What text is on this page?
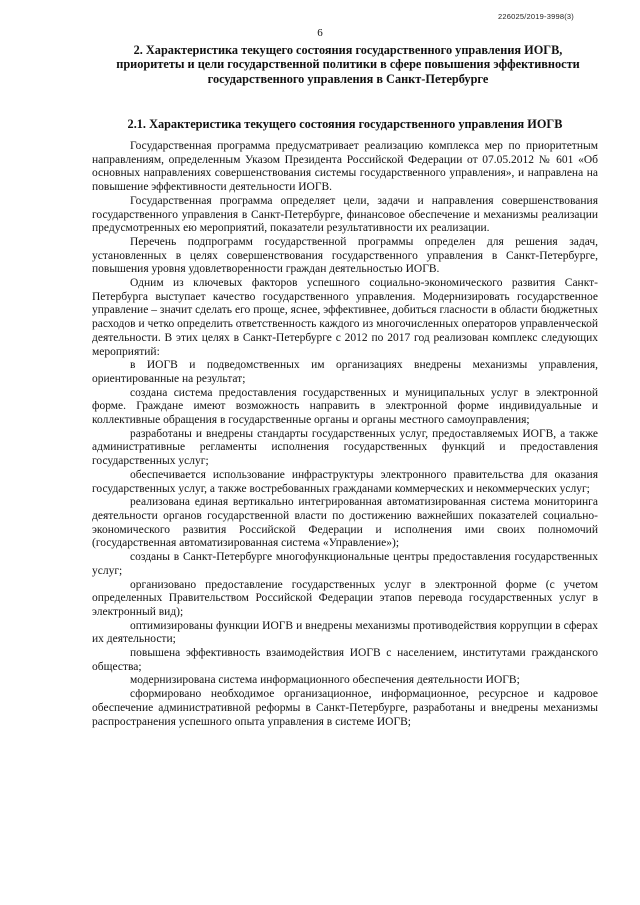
226025/2019-3998(3)
6
2. Характеристика текущего состояния государственного управления ИОГВ, приоритеты и цели государственной политики в сфере повышения эффективности государственного управления в Санкт-Петербурге
2.1. Характеристика текущего состояния государственного управления ИОГВ

Государственная программа предусматривает реализацию комплекса мер по приоритетным направлениям, определенным Указом Президента Российской Федерации от 07.05.2012 № 601 «Об основных направлениях совершенствования системы государственного управления», и направлена на повышение эффективности деятельности ИОГВ.

Государственная программа определяет цели, задачи и направления совершенствования государственного управления в Санкт-Петербурге, финансовое обеспечение и механизмы реализации предусмотренных ею мероприятий, показатели результативности их реализации.

Перечень подпрограмм государственной программы определен для решения задач, установленных в целях совершенствования государственного управления в Санкт-Петербурге, повышения уровня удовлетворенности граждан деятельностью ИОГВ.

Одним из ключевых факторов успешного социально-экономического развития Санкт-Петербурга выступает качество государственного управления. Модернизировать государственное управление – значит сделать его проще, яснее, эффективнее, добиться гласности в области бюджетных расходов и четко определить ответственность каждого из многочисленных операторов управленческой деятельности. В этих целях в Санкт-Петербурге с 2012 по 2017 год реализован комплекс следующих мероприятий:

в ИОГВ и подведомственных им организациях внедрены механизмы управления, ориентированные на результат;

создана система предоставления государственных и муниципальных услуг в электронной форме. Граждане имеют возможность направить в электронной форме индивидуальные и коллективные обращения в государственные органы и органы местного самоуправления;

разработаны и внедрены стандарты государственных услуг, предоставляемых ИОГВ, а также административные регламенты исполнения государственных функций и предоставления государственных услуг;

обеспечивается использование инфраструктуры электронного правительства для оказания государственных услуг, а также востребованных гражданами коммерческих и некоммерческих услуг;

реализована единая вертикально интегрированная автоматизированная система мониторинга деятельности органов государственной власти по достижению важнейших показателей социально-экономического развития Российской Федерации и исполнения ими своих полномочий (государственная автоматизированная система «Управление»);

созданы в Санкт-Петербурге многофункциональные центры предоставления государственных услуг;

организовано предоставление государственных услуг в электронной форме (с учетом определенных Правительством Российской Федерации этапов перевода государственных услуг в электронный вид);

оптимизированы функции ИОГВ и внедрены механизмы противодействия коррупции в сферах их деятельности;

повышена эффективность взаимодействия ИОГВ с населением, институтами гражданского общества;

модернизирована система информационного обеспечения деятельности ИОГВ;

сформировано необходимое организационное, информационное, ресурсное и кадровое обеспечение административной реформы в Санкт-Петербурге, разработаны и внедрены механизмы распространения успешного опыта управления в системе ИОГВ;
